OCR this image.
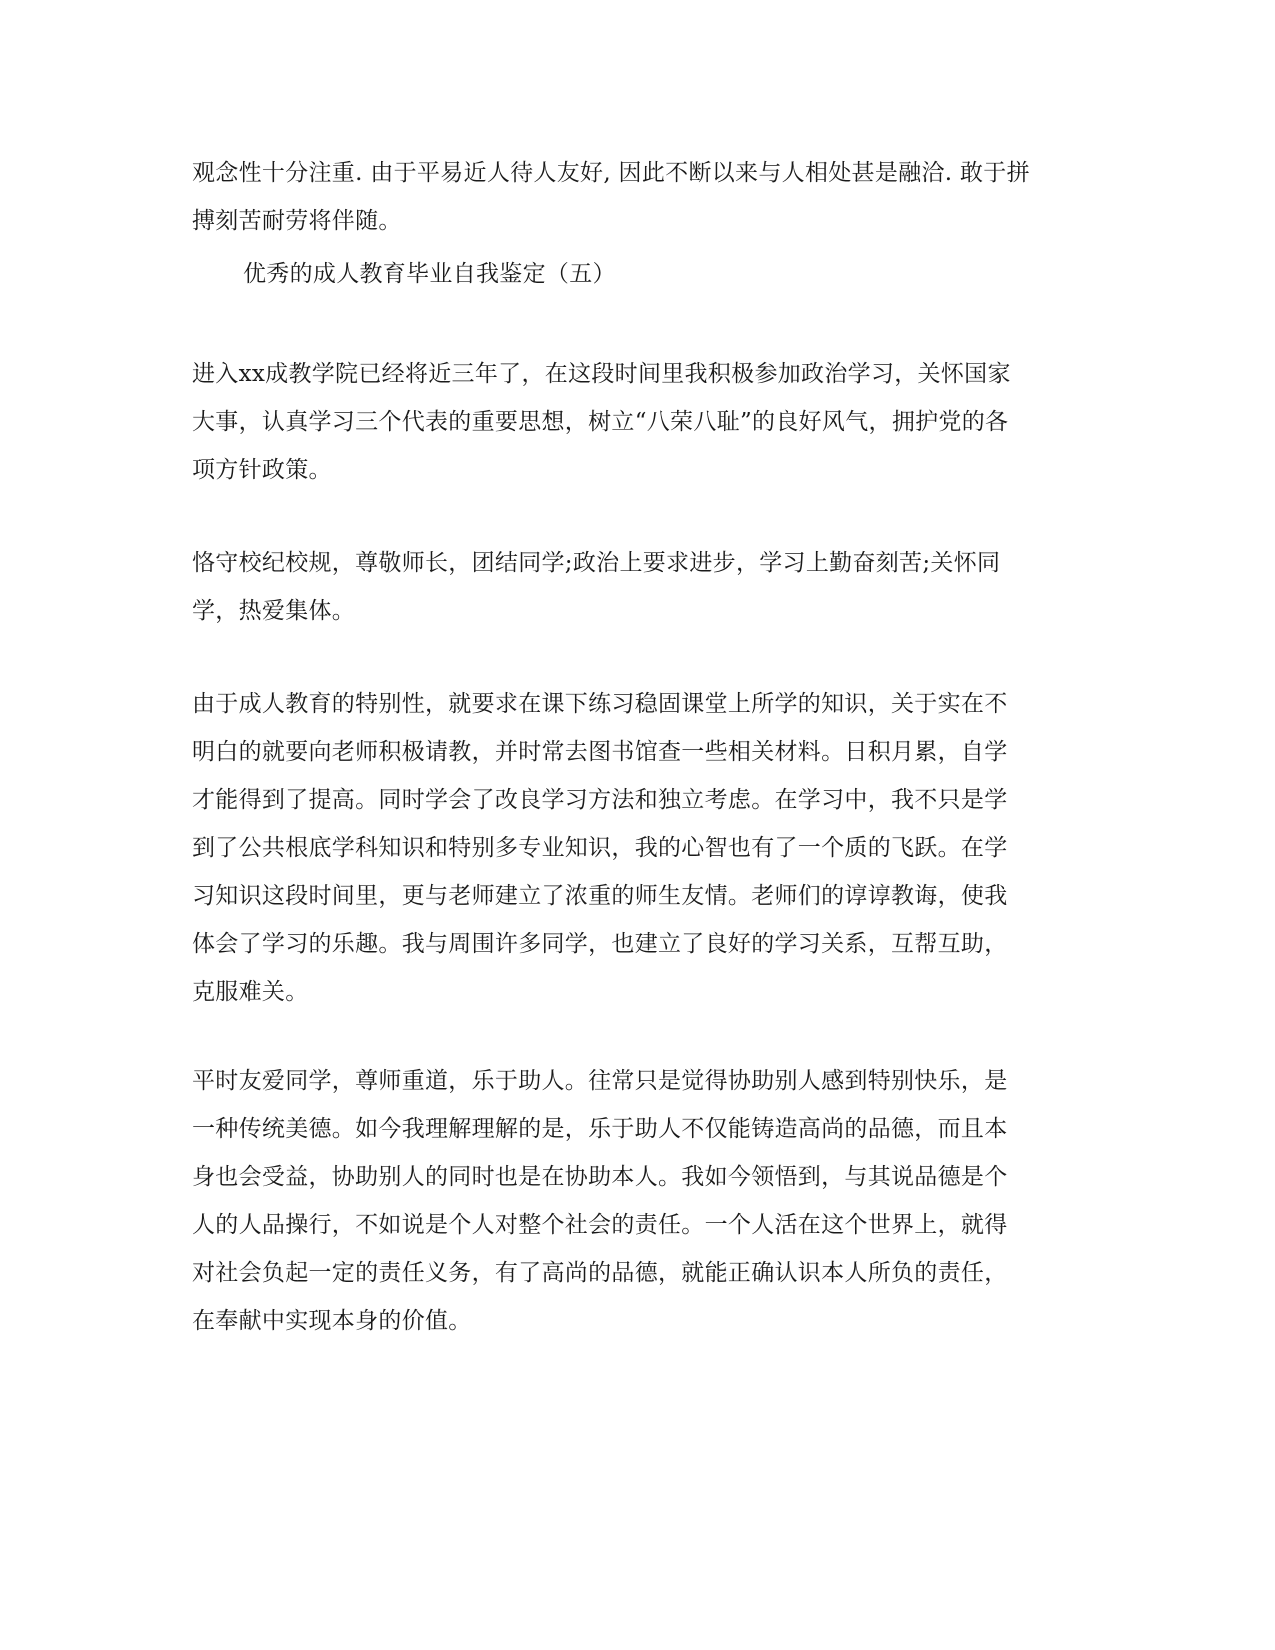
观念性十分注重. 由于平易近人待人友好, 因此不断以来与人相处甚是融洽. 敢于拼
搏刻苦耐劳将伴随。

优秀的成人教育毕业自我鉴定（五）

进入xx成教学院已经将近三年了，在这段时间里我积极参加政治学习，关怀国家
大事，认真学习三个代表的重要思想，树立“八荣八耻”的良好风气，拥护党的各
项方针政策。

恪守校纪校规，尊敬师长，团结同学;政治上要求进步，学习上勤奋刻苦;关怀同
学，热爱集体。

由于成人教育的特别性，就要求在课下练习稳固课堂上所学的知识，关于实在不
明白的就要向老师积极请教，并时常去图书馆查一些相关材料。日积月累，自学
才能得到了提高。同时学会了改良学习方法和独立考虑。在学习中，我不只是学
到了公共根底学科知识和特别多专业知识，我的心智也有了一个质的飞跃。在学
习知识这段时间里，更与老师建立了浓重的师生友情。老师们的谆谆教诲，使我
体会了学习的乐趣。我与周围许多同学，也建立了良好的学习关系，互帮互助，
克服难关。

平时友爱同学，尊师重道，乐于助人。往常只是觉得协助别人感到特别快乐，是
一种传统美德。如今我理解理解的是，乐于助人不仅能铸造高尚的品德，而且本
身也会受益，协助别人的同时也是在协助本人。我如今领悟到，与其说品德是个
人的人品操行，不如说是个人对整个社会的责任。一个人活在这个世界上，就得
对社会负起一定的责任义务，有了高尚的品德，就能正确认识本人所负的责任，
在奉献中实现本身的价值。
